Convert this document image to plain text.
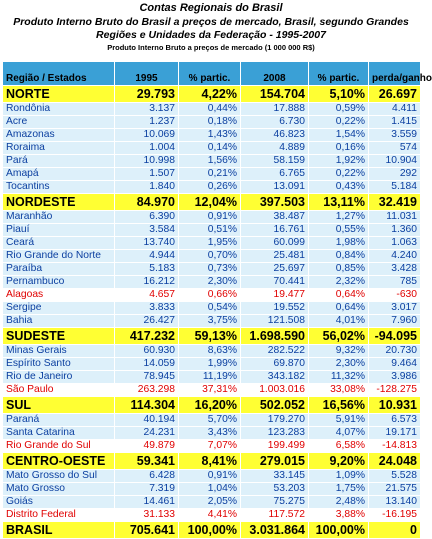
Contas Regionais do Brasil
Produto Interno Bruto do Brasil a preços de mercado, Brasil, segundo Grandes Regiões e Unidades da Federação - 1995-2007
Produto Interno Bruto a preços de mercado (1 000 000 R$)
Região / Estados	1995	% partic.	2008	% partic.	perda/ganho
NORTE	29.793	4,22%	154.704	5,10%	26.697
Rondônia	3.137	0,44%	17.888	0,59%	4.411
Acre	1.237	0,18%	6.730	0,22%	1.415
Amazonas	10.069	1,43%	46.823	1,54%	3.559
Roraima	1.004	0,14%	4.889	0,16%	574
Pará	10.998	1,56%	58.159	1,92%	10.904
Amapá	1.507	0,21%	6.765	0,22%	292
Tocantins	1.840	0,26%	13.091	0,43%	5.184
NORDESTE	84.970	12,04%	397.503	13,11%	32.419
Maranhão	6.390	0,91%	38.487	1,27%	11.031
Piauí	3.584	0,51%	16.761	0,55%	1.360
Ceará	13.740	1,95%	60.099	1,98%	1.063
Rio Grande do Norte	4.944	0,70%	25.481	0,84%	4.240
Paraíba	5.183	0,73%	25.697	0,85%	3.428
Pernambuco	16.212	2,30%	70.441	2,32%	785
Alagoas	4.657	0,66%	19.477	0,64%	-630
Sergipe	3.833	0,54%	19.552	0,64%	3.017
Bahia	26.427	3,75%	121.508	4,01%	7.960
SUDESTE	417.232	59,13%	1.698.590	56,02%	-94.095
Minas Gerais	60.930	8,63%	282.522	9,32%	20.730
Espírito Santo	14.059	1,99%	69.870	2,30%	9.464
Rio de Janeiro	78.945	11,19%	343.182	11,32%	3.986
São Paulo	263.298	37,31%	1.003.016	33,08%	-128.275
SUL	114.304	16,20%	502.052	16,56%	10.931
Paraná	40.194	5,70%	179.270	5,91%	6.573
Santa Catarina	24.231	3,43%	123.283	4,07%	19.171
Rio Grande do Sul	49.879	7,07%	199.499	6,58%	-14.813
CENTRO-OESTE	59.341	8,41%	279.015	9,20%	24.048
Mato Grosso do Sul	6.428	0,91%	33.145	1,09%	5.528
Mato Grosso	7.319	1,04%	53.203	1,75%	21.575
Goiás	14.461	2,05%	75.275	2,48%	13.140
Distrito Federal	31.133	4,41%	117.572	3,88%	-16.195
BRASIL	705.641	100,00%	3.031.864	100,00%	0
